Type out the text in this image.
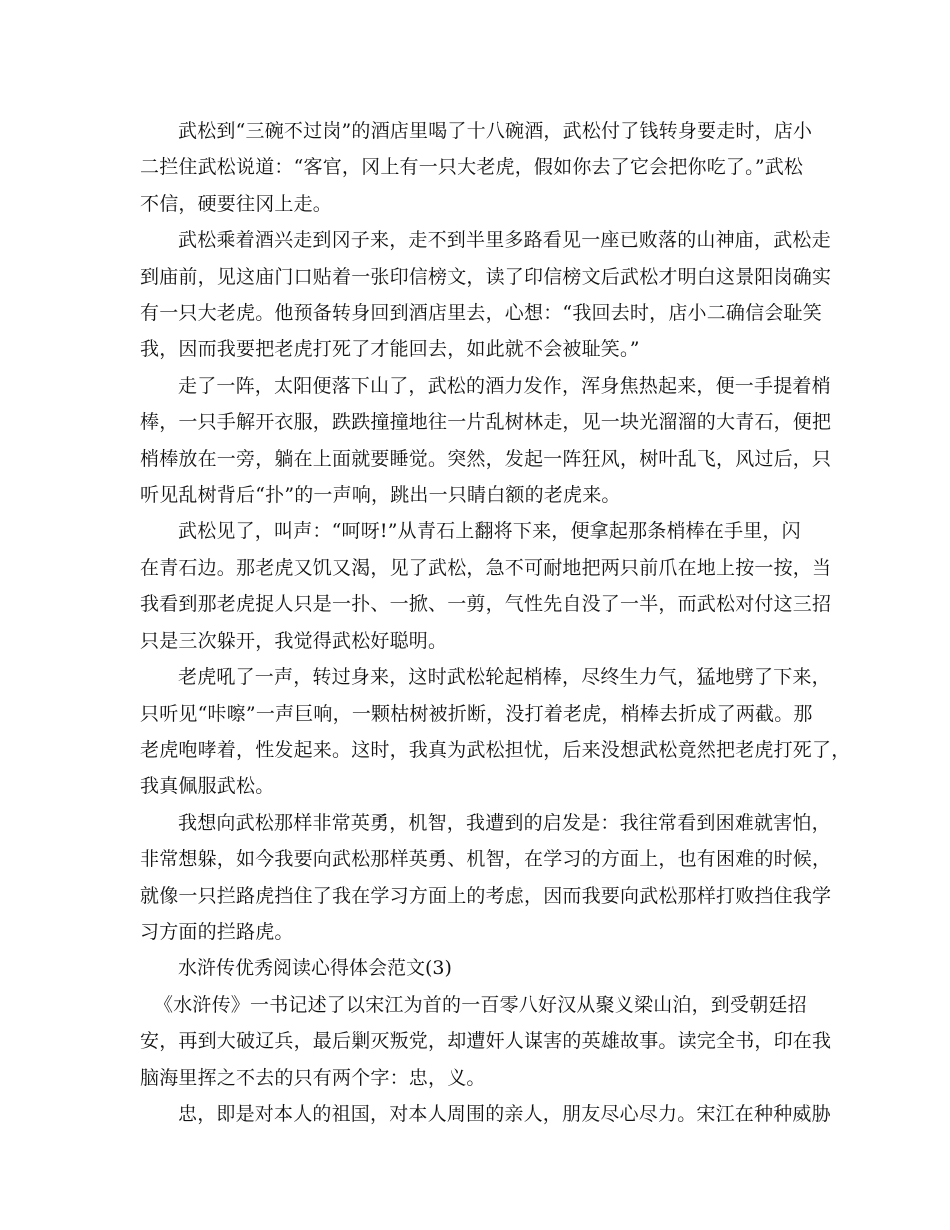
武松到“三碗不过岗”的酒店里喝了十八碗酒，武松付了钱转身要走时，店小
二拦住武松说道：“客官，冈上有一只大老虎，假如你去了它会把你吃了。”武松
不信，硬要往冈上走。
武松乘着酒兴走到冈子来，走不到半里多路看见一座已败落的山神庙，武松走
到庙前，见这庙门口贴着一张印信榜文，读了印信榜文后武松才明白这景阳岗确实
有一只大老虎。他预备转身回到酒店里去，心想：“我回去时，店小二确信会耻笑
我，因而我要把老虎打死了才能回去，如此就不会被耻笑。”
走了一阵，太阳便落下山了，武松的酒力发作，浑身焦热起来，便一手提着梢
棒，一只手解开衣服，跌跌撞撞地往一片乱树林走，见一块光溜溜的大青石，便把
梢棒放在一旁，躺在上面就要睡觉。突然，发起一阵狂风，树叶乱飞，风过后，只
听见乱树背后“扑”的一声响，跳出一只睛白额的老虎来。
武松见了，叫声：“呵呀!”从青石上翻将下来，便拿起那条梢棒在手里，闪
在青石边。那老虎又饥又渴，见了武松，急不可耐地把两只前爪在地上按一按，当
我看到那老虎捉人只是一扑、一掀、一剪，气性先自没了一半，而武松对付这三招
只是三次躲开，我觉得武松好聪明。
老虎吼了一声，转过身来，这时武松轮起梢棒，尽终生力气，猛地劈了下来，
只听见“咔嚓”一声巨响，一颗枯树被折断，没打着老虎，梢棒去折成了两截。那
老虎咆哮着，性发起来。这时，我真为武松担忧，后来没想武松竟然把老虎打死了，
我真佩服武松。
我想向武松那样非常英勇，机智，我遭到的启发是：我往常看到困难就害怕，
非常想躲，如今我要向武松那样英勇、机智，在学习的方面上，也有困难的时候，
就像一只拦路虎挡住了我在学习方面上的考虑，因而我要向武松那样打败挡住我学
习方面的拦路虎。
水浒传优秀阅读心得体会范文(3)
《水浒传》一书记述了以宋江为首的一百零八好汉从聚义梁山泊，到受朝廷招
安，再到大破辽兵，最后剿灭叛党，却遭奸人谋害的英雄故事。读完全书，印在我
脑海里挥之不去的只有两个字：忠，义。
忠，即是对本人的祖国，对本人周围的亲人，朋友尽心尽力。宋江在种种威胁
